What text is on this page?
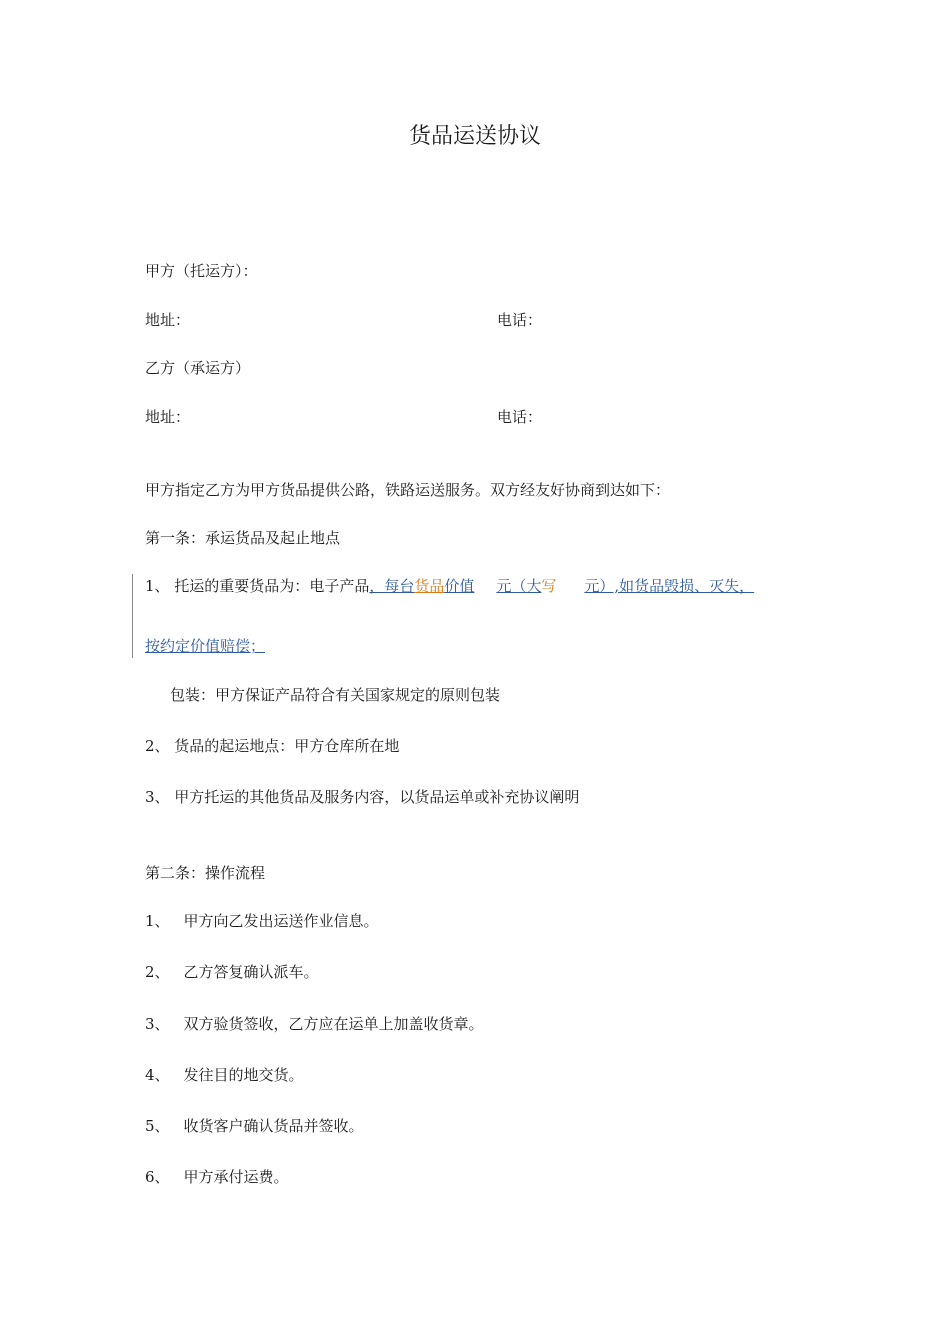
货品运送协议
甲方（托运方）：
地址：	电话：
乙方（承运方）
地址：	电话：
甲方指定乙方为甲方货品提供公路，铁路运送服务。双方经友好协商到达如下：
第一条：承运货品及起止地点
1、 托运的重要货品为：电子产品，每台货品价值 元（大写 元）,如货品毁损、灭失，
按约定价值赔偿；
包装：甲方保证产品符合有关国家规定的原则包装
2、 货品的起运地点：甲方仓库所在地
3、 甲方托运的其他货品及服务内容，以货品运单或补充协议阐明
第二条：操作流程
1、 甲方向乙发出运送作业信息。
2、 乙方答复确认派车。
3、 双方验货签收，乙方应在运单上加盖收货章。
4、 发往目的地交货。
5、 收货客户确认货品并签收。
6、 甲方承付运费。
